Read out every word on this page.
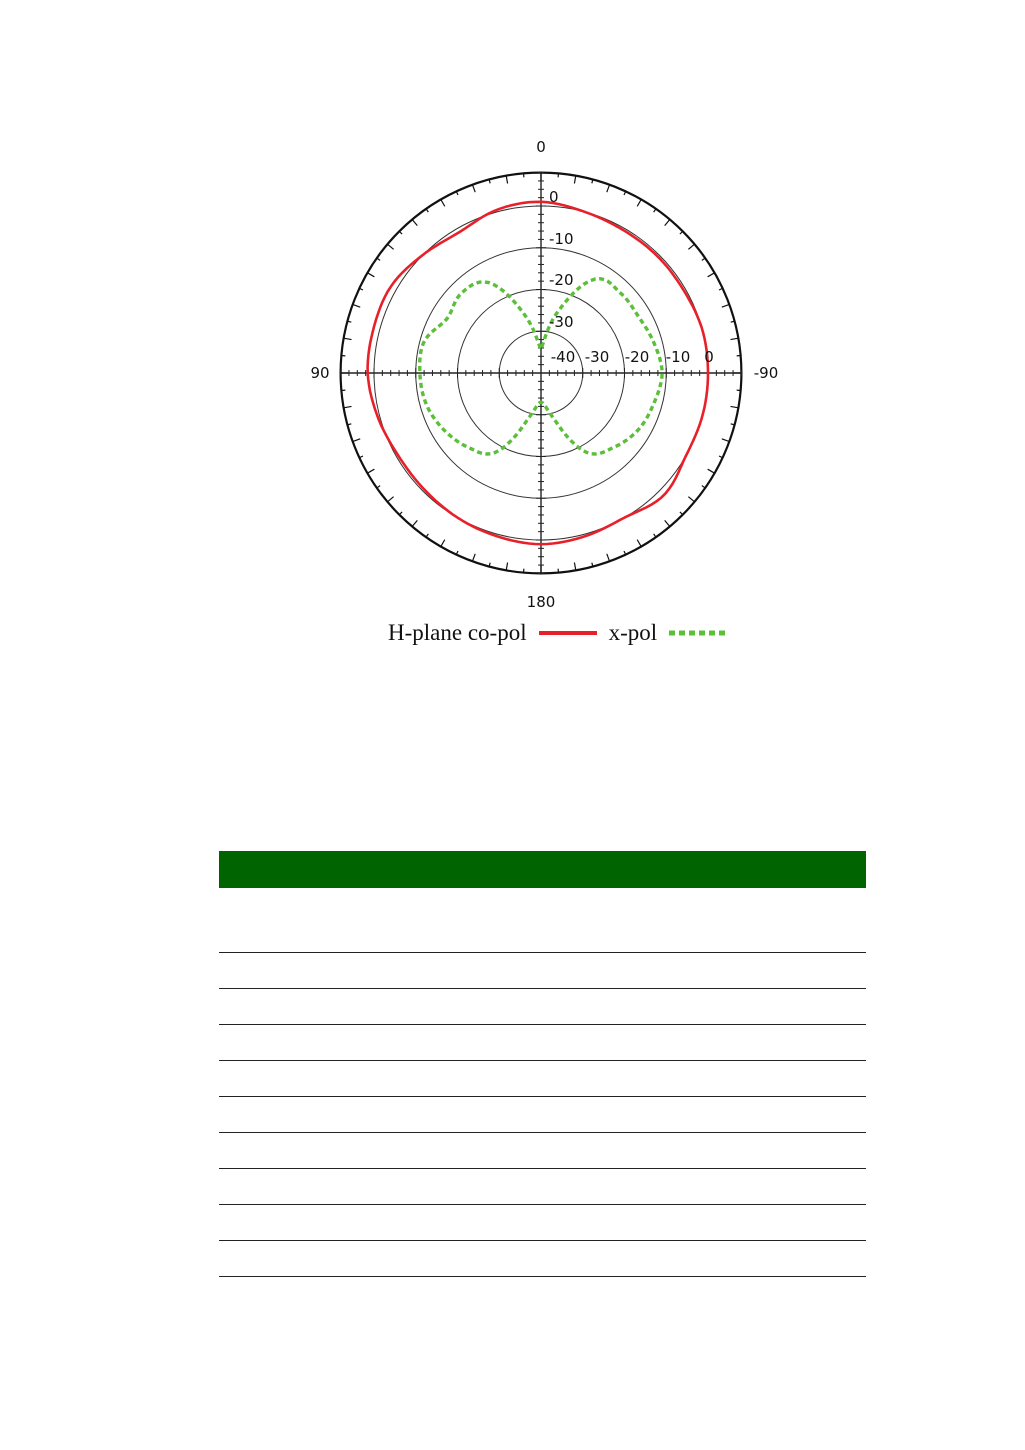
0
90	-90
180
0
-10
-20
-30
-40 -30 -20 -10 0
H-plane co-pol	x-pol
